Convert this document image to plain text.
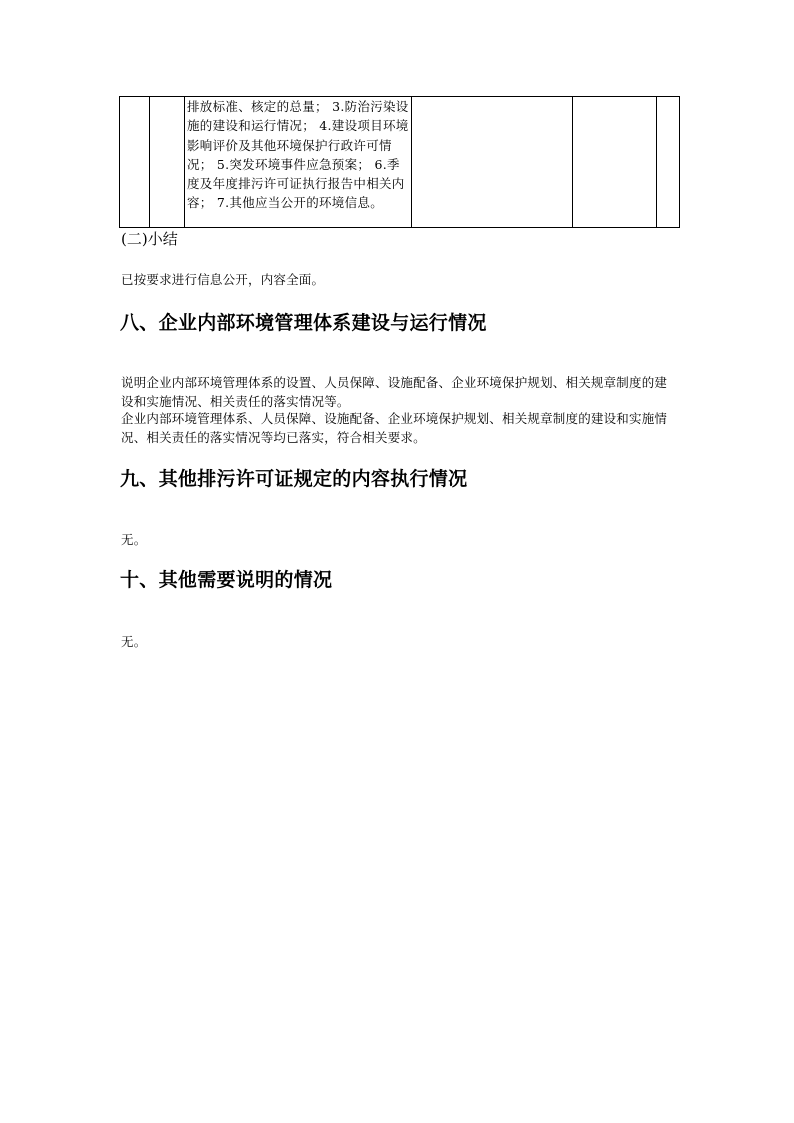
排放标准、核定的总量； 3.防治污染设施的建设和运行情况； 4.建设项目环境影响评价及其他环境保护行政许可情况； 5.突发环境事件应急预案； 6.季度及年度排污许可证执行报告中相关内容； 7.其他应当公开的环境信息。

(二)小结
已按要求进行信息公开，内容全面。
八、企业内部环境管理体系建设与运行情况
说明企业内部环境管理体系的设置、人员保障、设施配备、企业环境保护规划、相关规章制度的建设和实施情况、相关责任的落实情况等。
企业内部环境管理体系、人员保障、设施配备、企业环境保护规划、相关规章制度的建设和实施情况、相关责任的落实情况等均已落实，符合相关要求。
九、其他排污许可证规定的内容执行情况
无。
十、其他需要说明的情况
无。
